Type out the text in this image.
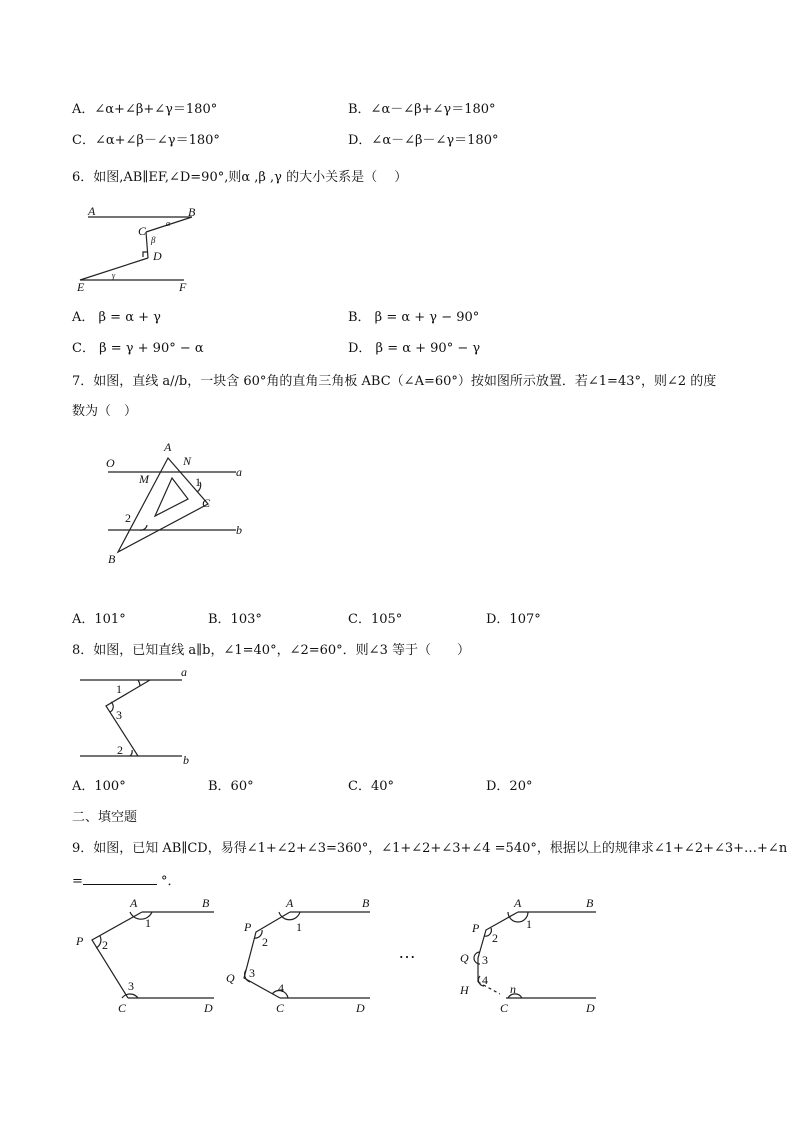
A．∠α+∠β+∠γ＝180°	B．∠α－∠β+∠γ＝180°
C．∠α+∠β－∠γ＝180°	D．∠α－∠β－∠γ＝180°
6．如图,AB∥EF,∠D=90°,则α ,β ,γ 的大小关系是（　 ）
A	B
C
D
E	F
α
β
γ
A． β = α + γ	B． β = α + γ − 90°
C． β = γ + 90° − α	D． β = α + 90° − γ
7．如图，直线 a//b，一块含 60°角的直角三角板 ABC（∠A=60°）按如图所示放置．若∠1=43°，则∠2 的度
数为（　）
O
A
N
M	1
C
a
2
b
B
A．101°	B．103°	C．105°	D．107°
8．如图，已知直线 a∥b，∠1=40°，∠2=60°．则∠3 等于（　　）
a
1
3
2
b
A．100°	B．60°	C．40°	D．20°
二、填空题
9．如图，已知 AB∥CD，易得∠1+∠2+∠3=360°，∠1+∠2+∠3+∠4 =540°，根据以上的规律求∠1+∠2+∠3+…+∠n
=	°．
A	B
1
P 2
3
C	D
A	B
1
P
2
Q 3
4
C	D
…
A	B
1
P
2
Q 3
4
H	n
C	D
